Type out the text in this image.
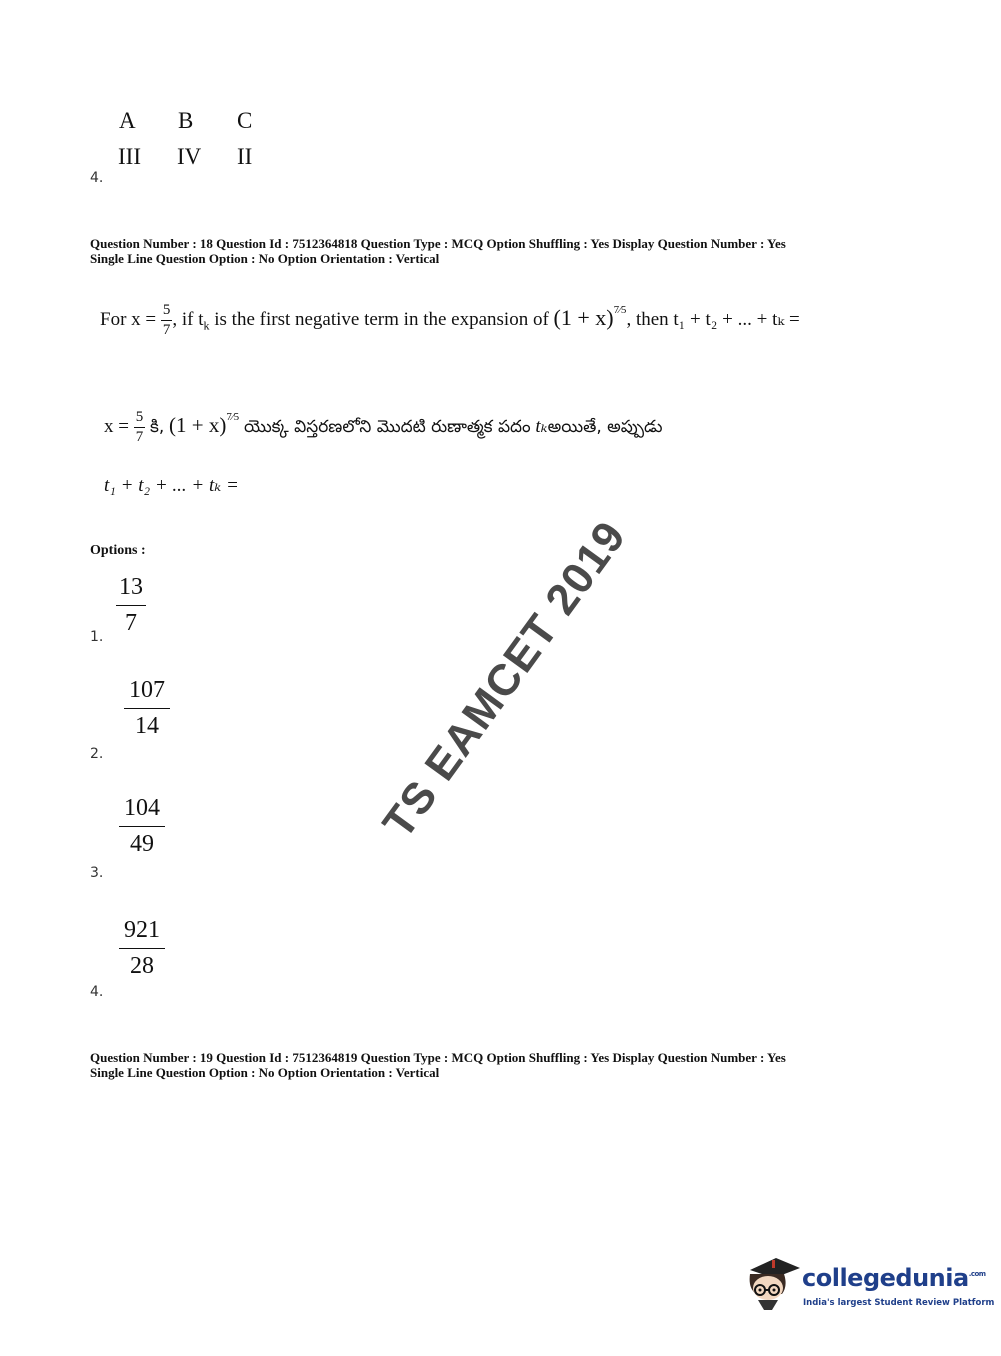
A B C
III IV II
4.
Question Number : 18 Question Id : 7512364818 Question Type : MCQ Option Shuffling : Yes Display Question Number : Yes
Single Line Question Option : No Option Orientation : Vertical
For $x = \frac{5}{7}$ , if $t_k$ is the first negative term in the expansion of $(1 + x)^{7⁄5}$, then t₁ + t₂ + ... + tₖ =
$x = \frac{5}{7}$ కి, $(1 + x)^{7⁄5}$ యొక్క విస్తరణలోని మొదటి రుణాత్మక పదం tₖఅయితే, అప్పుడు
t₁ + t₂ + ... + tₖ =
Options :
13
7
1.
107
14
2.
104
49
3.
921
28
4.
Question Number : 19 Question Id : 7512364819 Question Type : MCQ Option Shuffling : Yes Display Question Number : Yes
Single Line Question Option : No Option Orientation : Vertical
TS EAMCET 2019
collegedunia$^{.com}$
India's largest Student Review Platform
